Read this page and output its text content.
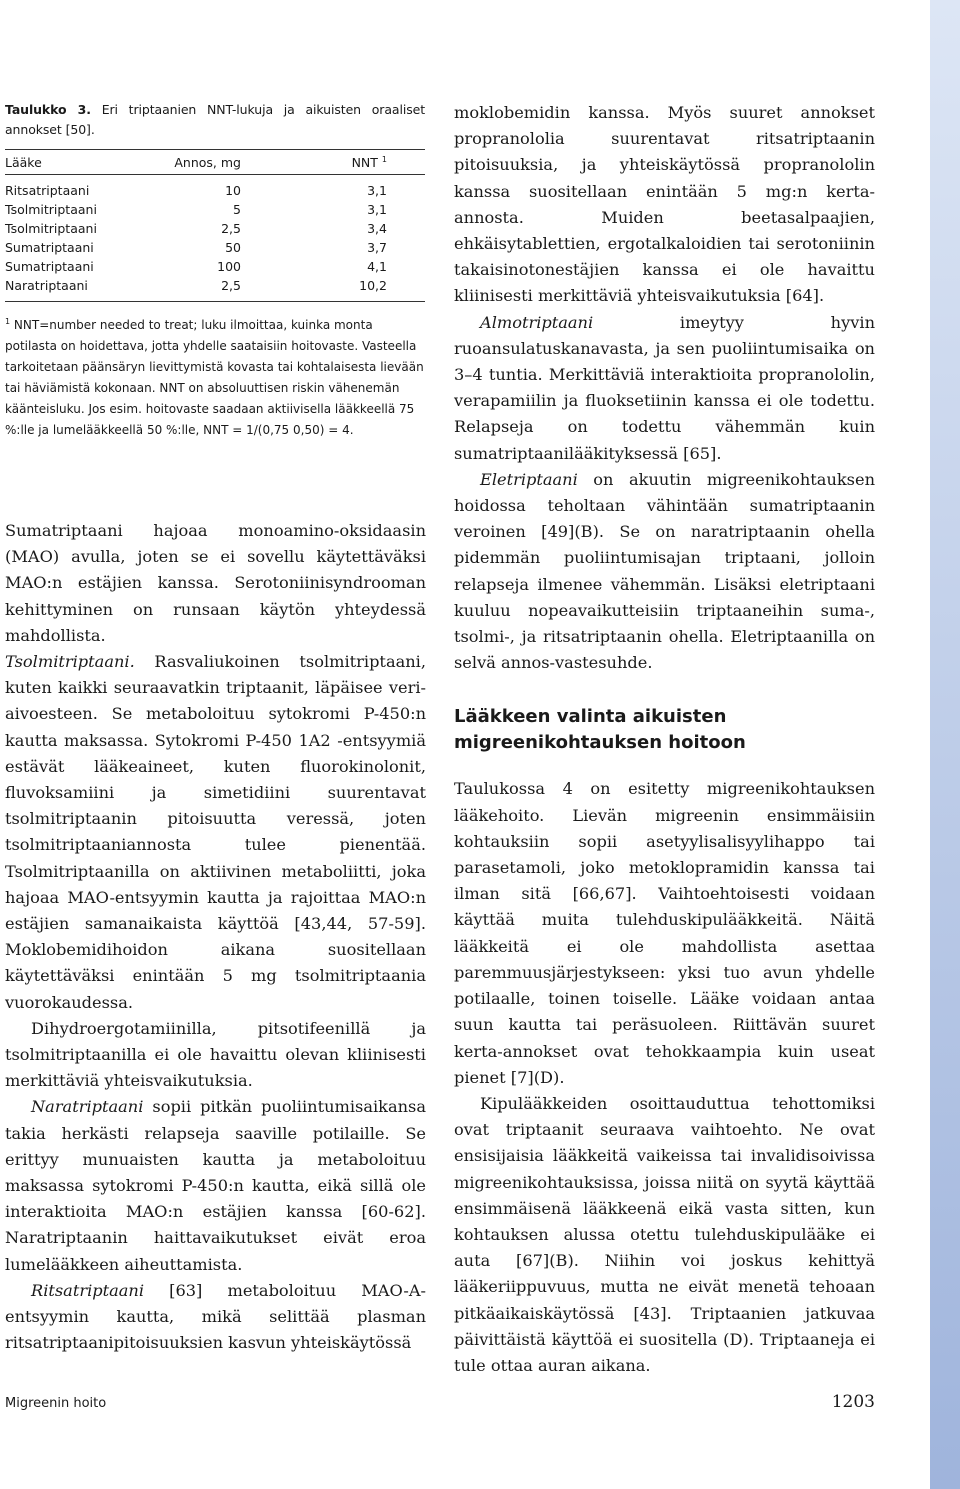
Taulukko 3. Eri triptaanien NNT-lukuja ja aikuisten oraaliset annokset [50].

Lääke	Annos, mg	NNT $^1$
Ritsatriptaani	10	3,1
Tsolmitriptaani	5	3,1
Tsolmitriptaani	2,5	3,4
Sumatriptaani	50	3,7
Sumatriptaani	100	4,1
Naratriptaani	2,5	10,2

$^1$ NNT=number needed to treat; luku ilmoittaa, kuinka monta potilasta on hoidettava, jotta yhdelle saataisiin hoitovaste. Vasteella tarkoitetaan päänsäryn lievittymistä kovasta tai kohtalaisesta lievään tai häviämistä kokonaan. NNT on absoluuttisen riskin vähenemän käänteisluku. Jos esim. hoitovaste saadaan aktiivisella lääkkeellä 75 %:lle ja lumelääkkeellä 50 %:lle, NNT = 1/(0,75 0,50) = 4.

Sumatriptaani hajoaa monoamino-oksidaasin (MAO) avulla, joten se ei sovellu käytettäväksi MAO:n estäjien kanssa. Serotoniinisyndrooman kehittyminen on runsaan käytön yhteydessä mahdollista.

Tsolmitriptaani. Rasvaliukoinen tsolmitriptaani, kuten kaikki seuraavatkin triptaanit, läpäisee veri-aivoesteen. Se metaboloituu sytokromi P-450:n kautta maksassa. Sytokromi P-450 1A2 -entsyymiä estävät lääkeaineet, kuten fluorokinolonit, fluvoksamiini ja simetidiini suurentavat tsolmitriptaanin pitoisuutta veressä, joten tsolmitriptaaniannosta tulee pienentää. Tsolmitriptaanilla on aktiivinen metaboliitti, joka hajoaa MAO-entsyymin kautta ja rajoittaa MAO:n estäjien samanaikaista käyttöä [43,44, 57-59]. Moklobemidihoidon aikana suositellaan käytettäväksi enintään 5 mg tsolmitriptaania vuorokaudessa.

Dihydroergotamiinilla, pitsotifeenillä ja tsolmitriptaanilla ei ole havaittu olevan kliinisesti merkittäviä yhteisvaikutuksia.

Naratriptaani sopii pitkän puoliintumisaikansa takia herkästi relapseja saaville potilaille. Se erittyy munuaisten kautta ja metaboloituu maksassa sytokromi P-450:n kautta, eikä sillä ole interaktioita MAO:n estäjien kanssa [60-62]. Naratriptaanin haittavaikutukset eivät eroa lumelääkkeen aiheuttamista.

Ritsatriptaani [63] metaboloituu MAO-A-entsyymin kautta, mikä selittää plasman ritsatriptaanipitoisuuksien kasvun yhteiskäytössä

moklobemidin kanssa. Myös suuret annokset propranololia suurentavat ritsatriptaanin pitoisuuksia, ja yhteiskäytössä propranololin kanssa suositellaan enintään 5 mg:n kerta-annosta. Muiden beetasalpaajien, ehkäisytablettien, ergotalkaloidien tai serotoniinin takaisinotonestäjien kanssa ei ole havaittu kliinisesti merkittäviä yhteisvaikutuksia [64].

Almotriptaani imeytyy hyvin ruoansulatuskanavasta, ja sen puoliintumisaika on 3–4 tuntia. Merkittäviä interaktioita propranololin, verapamiilin ja fluoksetiinin kanssa ei ole todettu. Relapseja on todettu vähemmän kuin sumatriptaanilääkityksessä [65].

Eletriptaani on akuutin migreenikohtauksen hoidossa teholtaan vähintään sumatriptaanin veroinen [49](B). Se on naratriptaanin ohella pidemmän puoliintumisajan triptaani, jolloin relapseja ilmenee vähemmän. Lisäksi eletriptaani kuuluu nopeavaikutteisiin triptaaneihin suma-, tsolmi-, ja ritsatriptaanin ohella. Eletriptaanilla on selvä annos-vastesuhde.

Lääkkeen valinta aikuisten migreenikohtauksen hoitoon

Taulukossa 4 on esitetty migreenikohtauksen lääkehoito. Lievän migreenin ensimmäisiin kohtauksiin sopii asetyylisalisyylihappo tai parasetamoli, joko metoklopramidin kanssa tai ilman sitä [66,67]. Vaihtoehtoisesti voidaan käyttää muita tulehduskipulääkkeitä. Näitä lääkkeitä ei ole mahdollista asettaa paremmuusjärjestykseen: yksi tuo avun yhdelle potilaalle, toinen toiselle. Lääke voidaan antaa suun kautta tai peräsuoleen. Riittävän suuret kerta-annokset ovat tehokkaampia kuin useat pienet [7](D).

Kipulääkkeiden osoittauduttua tehottomiksi ovat triptaanit seuraava vaihtoehto. Ne ovat ensisijaisia lääkkeitä vaikeissa tai invalidisoivissa migreenikohtauksissa, joissa niitä on syytä käyttää ensimmäisenä lääkkeenä eikä vasta sitten, kun kohtauksen alussa otettu tulehduskipulääke ei auta [67](B). Niihin voi joskus kehittyä lääkeriippuvuus, mutta ne eivät menetä tehoaan pitkäaikaiskäytössä [43]. Triptaanien jatkuvaa päivittäistä käyttöä ei suositella (D). Triptaaneja ei tule ottaa auran aikana.

Migreenin hoito	1203
